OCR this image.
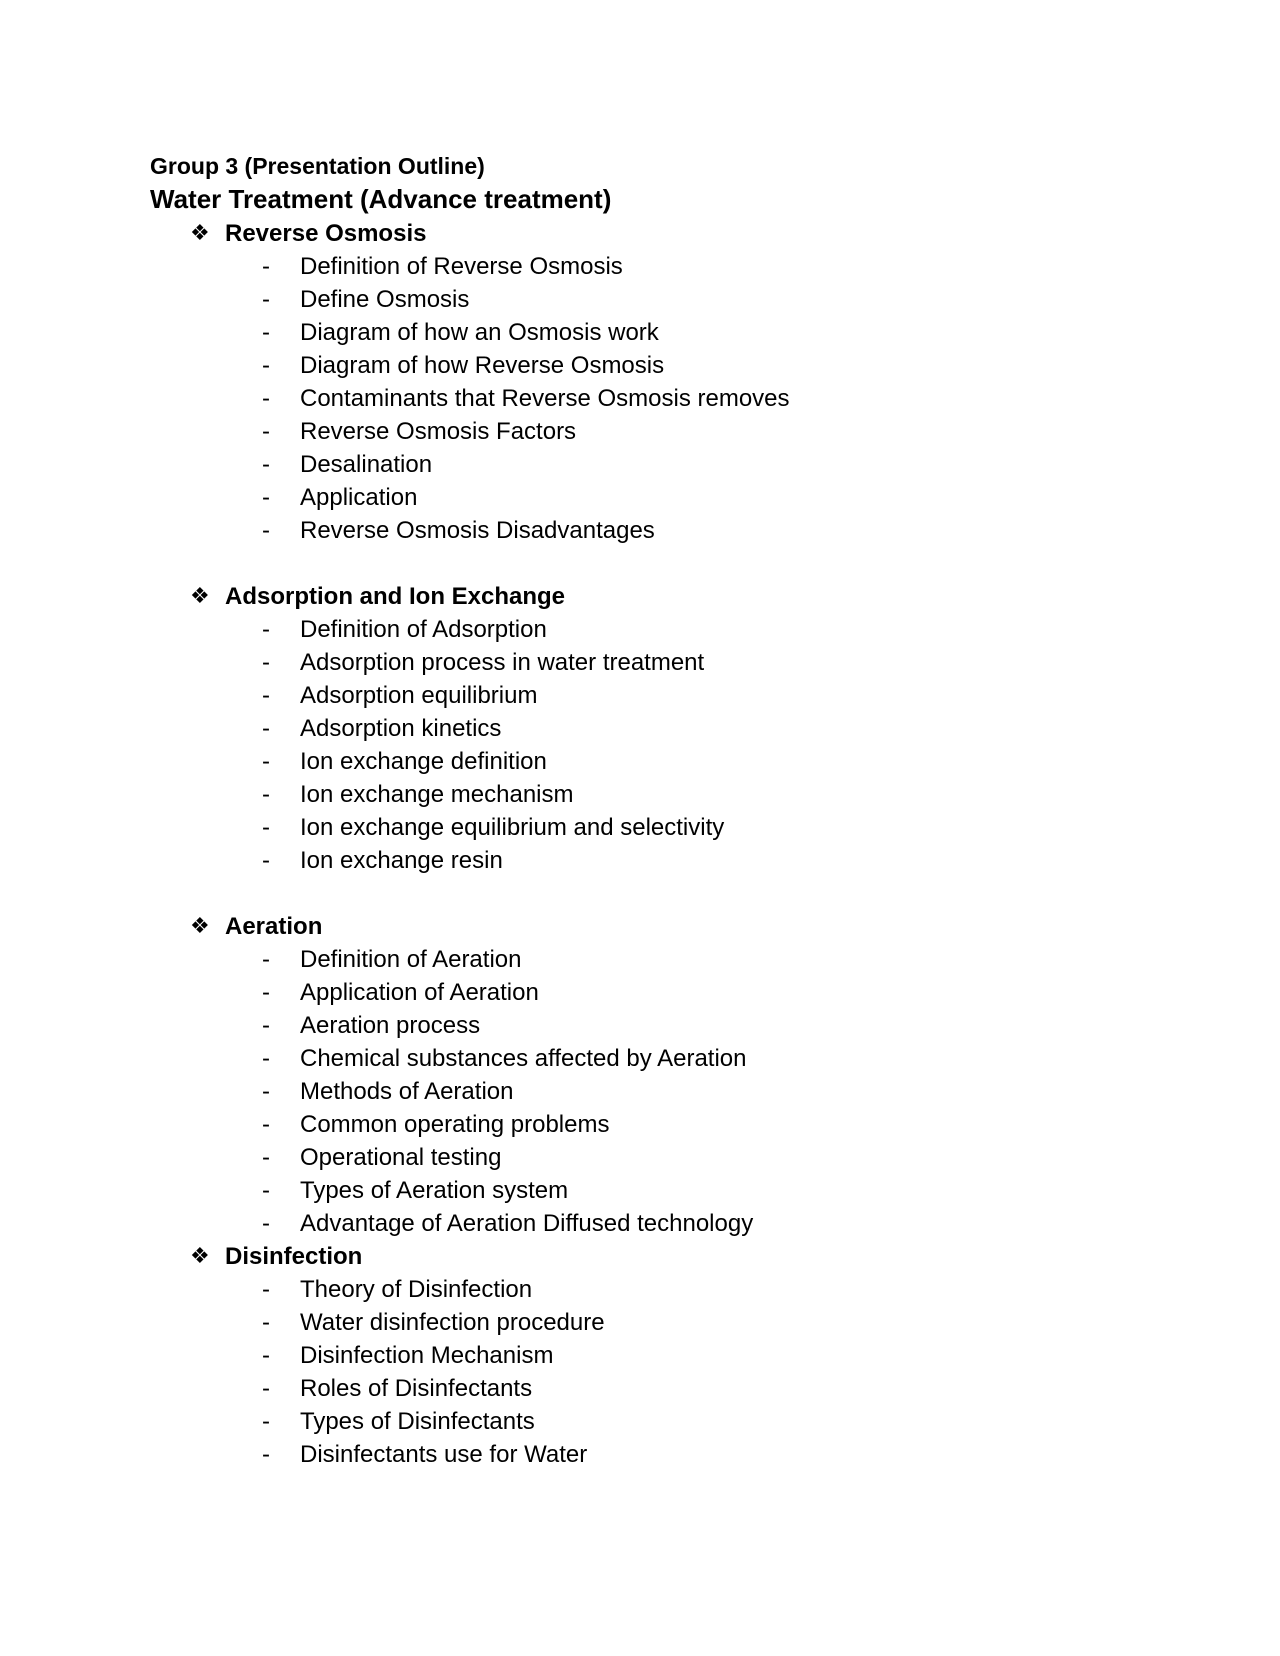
Group 3 (Presentation Outline)
Water Treatment (Advance treatment)
❖ Reverse Osmosis
- Definition of Reverse Osmosis
- Define Osmosis
- Diagram of how an Osmosis work
- Diagram of how Reverse Osmosis
- Contaminants that Reverse Osmosis removes
- Reverse Osmosis Factors
- Desalination
- Application
- Reverse Osmosis Disadvantages
❖ Adsorption and Ion Exchange
- Definition of Adsorption
- Adsorption process in water treatment
- Adsorption equilibrium
- Adsorption kinetics
- Ion exchange definition
- Ion exchange mechanism
- Ion exchange equilibrium and selectivity
- Ion exchange resin
❖ Aeration
- Definition of Aeration
- Application of Aeration
- Aeration process
- Chemical substances affected by Aeration
- Methods of Aeration
- Common operating problems
- Operational testing
- Types of Aeration system
- Advantage of Aeration Diffused technology
❖ Disinfection
- Theory of Disinfection
- Water disinfection procedure
- Disinfection Mechanism
- Roles of Disinfectants
- Types of Disinfectants
- Disinfectants use for Water
